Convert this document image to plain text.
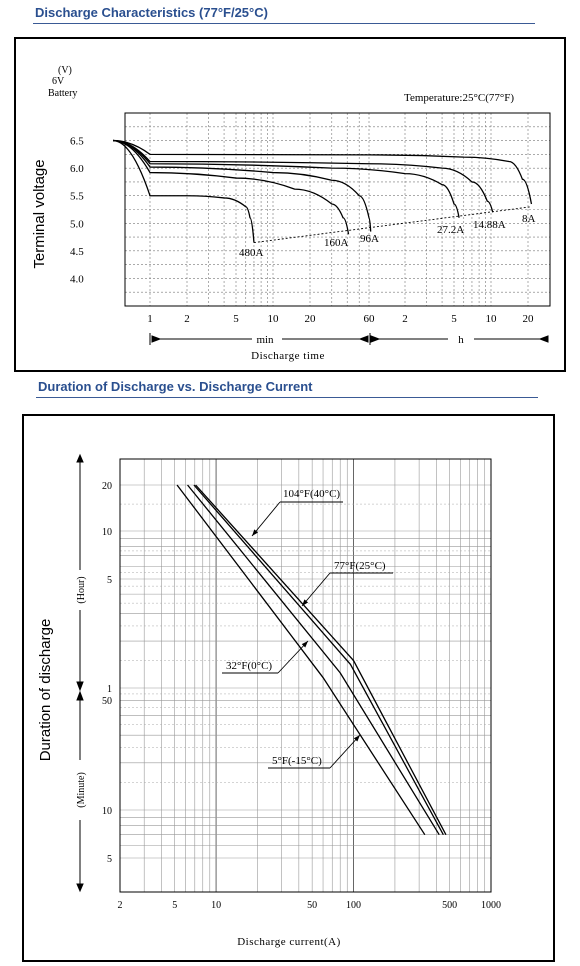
Discharge Characteristics (77°F/25°C)
Duration of Discharge vs. Discharge Current
6.5
6.0
5.5
5.0
4.5
4.0
1	2	5	10 20	60	2	5	10 20
480A
160A 96A
27.2A 14.88A 8A
(V)
6V
Battery	Temperature:25°C(77°F)
Terminal voltage
min	h
Discharge time
20
10
5
1
50
10
5
2	5	10	50	100	500 1000
104°F(40°C)
77°F(25°C)
32°F(0°C)
5°F(-15°C)
(Hour)
(Minute)
Duration of discharge
Discharge current(A)
